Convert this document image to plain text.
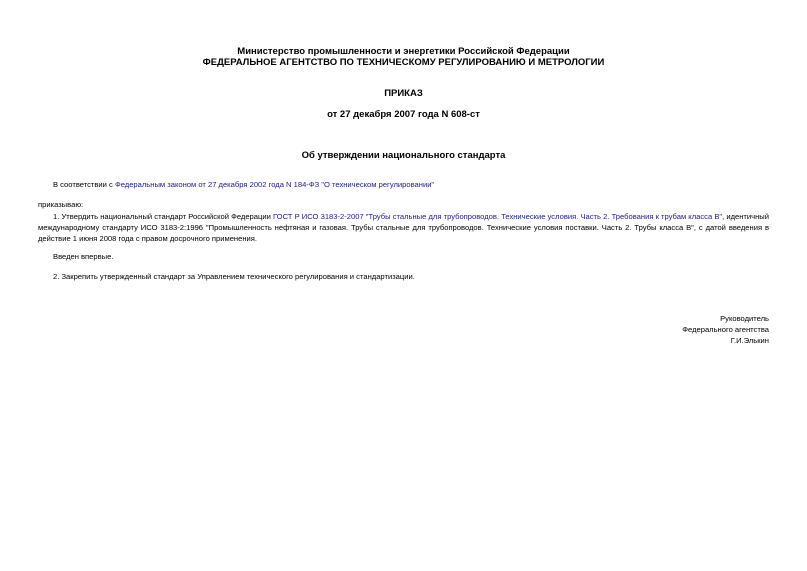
Министерство промышленности и энергетики Российской Федерации
ФЕДЕРАЛЬНОЕ АГЕНТСТВО ПО ТЕХНИЧЕСКОМУ РЕГУЛИРОВАНИЮ И МЕТРОЛОГИИ
ПРИКАЗ
от 27 декабря 2007 года N 608-ст
Об утверждении национального стандарта
В соответствии с Федеральным законом от 27 декабря 2002 года N 184-ФЗ "О техническом регулировании"
приказываю:
1. Утвердить национальный стандарт Российской Федерации ГОСТ Р ИСО 3183-2-2007 "Трубы стальные для трубопроводов. Технические условия. Часть 2. Требования к трубам класса В", идентичный международному стандарту ИСО 3183-2:1996 "Промышленность нефтяная и газовая. Трубы стальные для трубопроводов. Технические условия поставки. Часть 2. Трубы класса В", с датой введения в действие 1 июня 2008 года с правом досрочного применения.
Введен впервые.
2. Закрепить утвержденный стандарт за Управлением технического регулирования и стандартизации.
Руководитель
Федерального агентства
Г.И.Элькин
